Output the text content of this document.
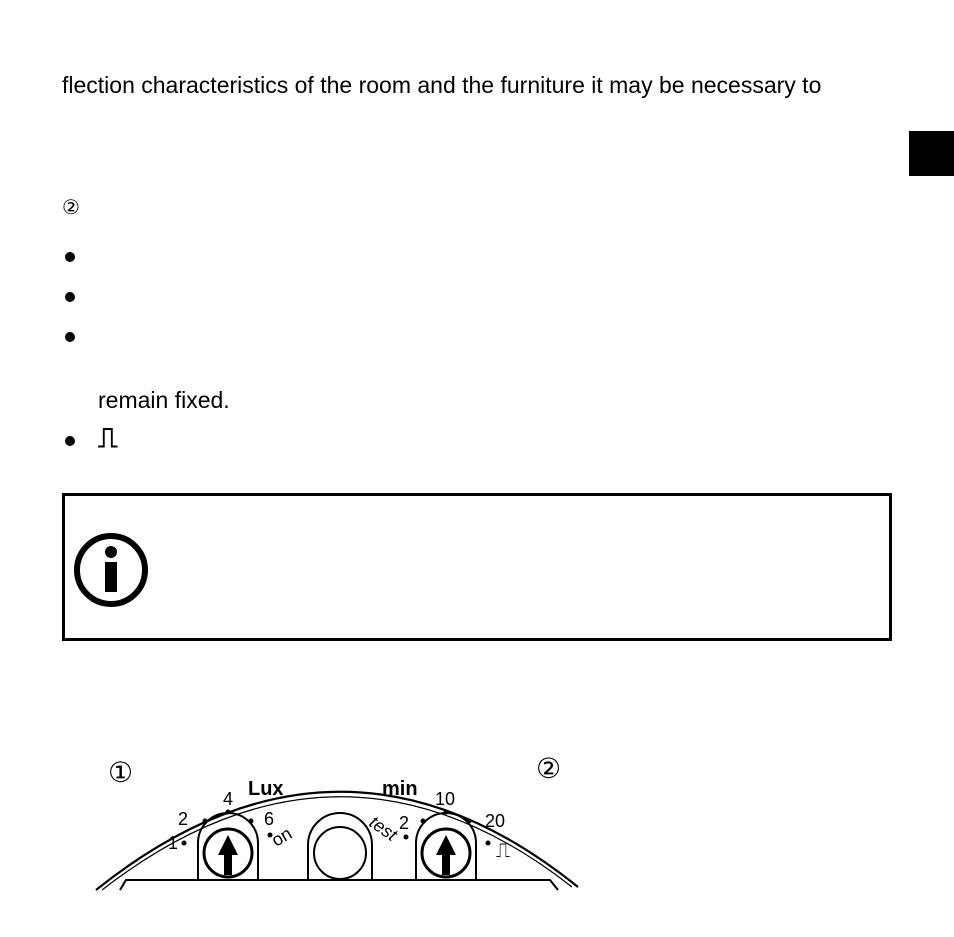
flection characteristics of the room and the furniture it may be necessary to
②
remain fixed.
⎍
1
2
4
6
on
Lux
test
2
10
20
⎍
min
①	②
